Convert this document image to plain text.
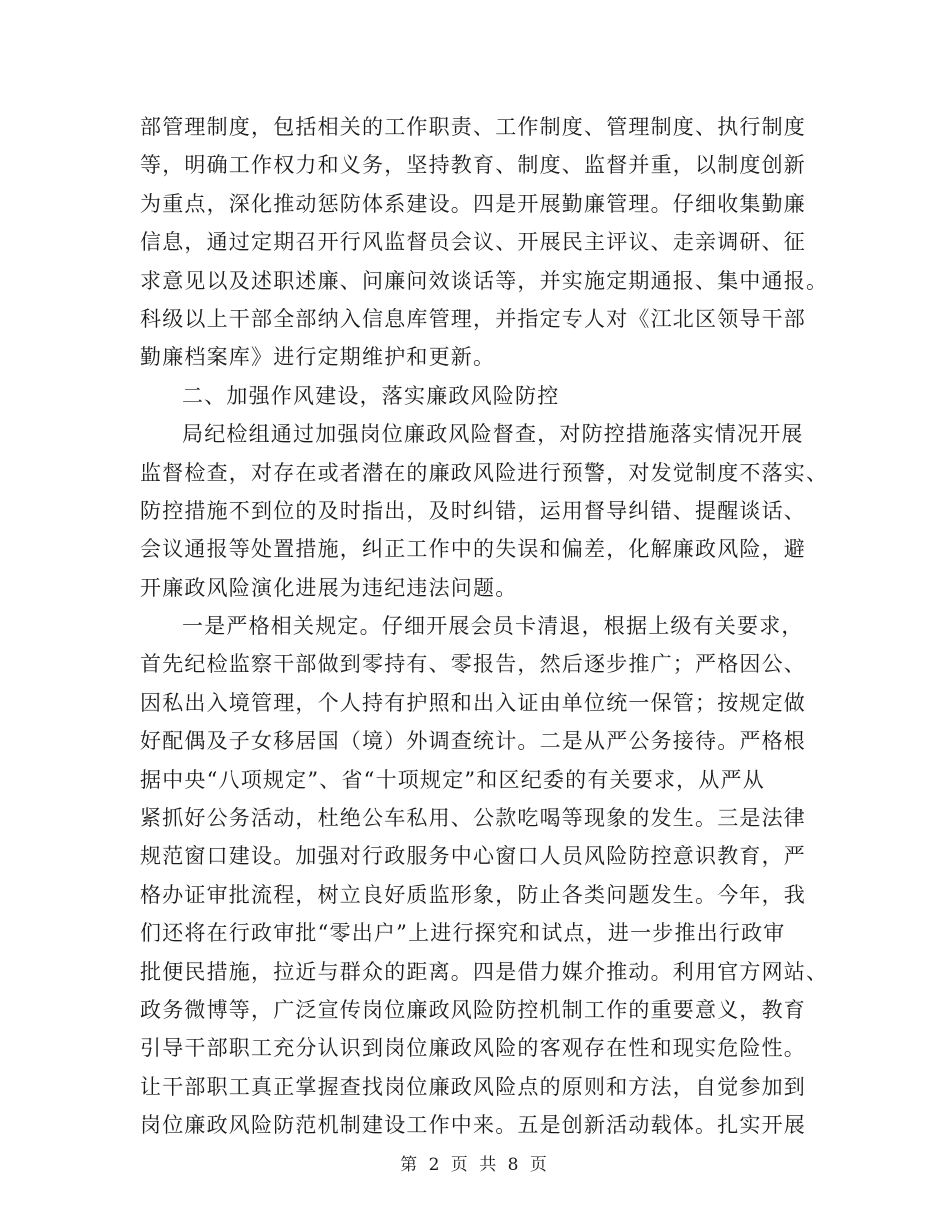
部管理制度，包括相关的工作职责、工作制度、管理制度、执行制度
等，明确工作权力和义务，坚持教育、制度、监督并重，以制度创新
为重点，深化推动惩防体系建设。四是开展勤廉管理。仔细收集勤廉
信息，通过定期召开行风监督员会议、开展民主评议、走亲调研、征
求意见以及述职述廉、问廉问效谈话等，并实施定期通报、集中通报。
科级以上干部全部纳入信息库管理，并指定专人对《江北区领导干部
勤廉档案库》进行定期维护和更新。
二、加强作风建设，落实廉政风险防控
局纪检组通过加强岗位廉政风险督查，对防控措施落实情况开展
监督检查，对存在或者潜在的廉政风险进行预警，对发觉制度不落实、
防控措施不到位的及时指出，及时纠错，运用督导纠错、提醒谈话、
会议通报等处置措施，纠正工作中的失误和偏差，化解廉政风险，避
开廉政风险演化进展为违纪违法问题。
一是严格相关规定。仔细开展会员卡清退，根据上级有关要求，
首先纪检监察干部做到零持有、零报告，然后逐步推广；严格因公、
因私出入境管理，个人持有护照和出入证由单位统一保管；按规定做
好配偶及子女移居国（境）外调查统计。二是从严公务接待。严格根
据中央“八项规定”、省“十项规定”和区纪委的有关要求，从严从
紧抓好公务活动，杜绝公车私用、公款吃喝等现象的发生。三是法律
规范窗口建设。加强对行政服务中心窗口人员风险防控意识教育，严
格办证审批流程，树立良好质监形象，防止各类问题发生。今年，我
们还将在行政审批“零出户”上进行探究和试点，进一步推出行政审
批便民措施，拉近与群众的距离。四是借力媒介推动。利用官方网站、
政务微博等，广泛宣传岗位廉政风险防控机制工作的重要意义，教育
引导干部职工充分认识到岗位廉政风险的客观存在性和现实危险性。
让干部职工真正掌握查找岗位廉政风险点的原则和方法，自觉参加到
岗位廉政风险防范机制建设工作中来。五是创新活动载体。扎实开展
第 2 页 共 8 页
